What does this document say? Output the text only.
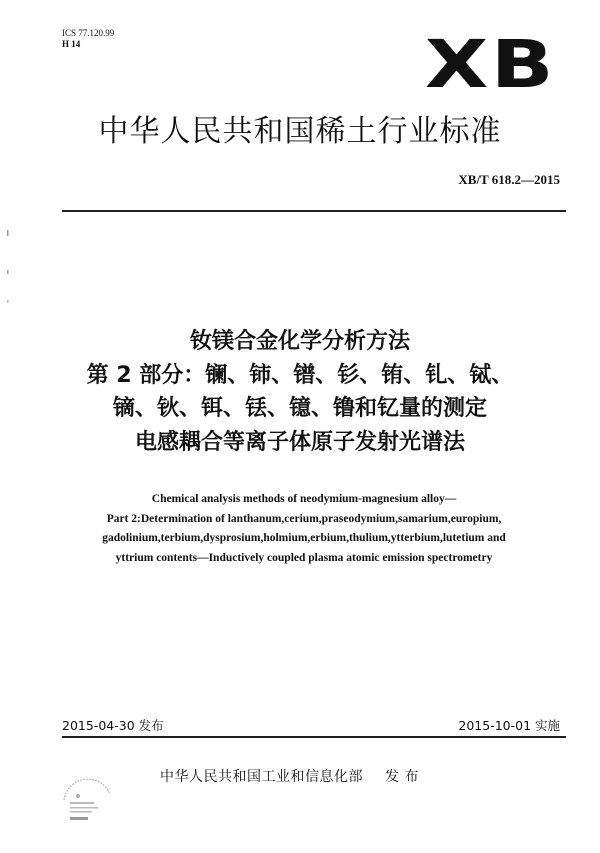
ICS 77.120.99
H 14	XB
中华人民共和国稀土行业标准
XB/T 618.2—2015
钕镁合金化学分析方法
第 2 部分：镧、铈、镨、钐、铕、钆、铽、
镝、钬、铒、铥、镱、镥和钇量的测定
电感耦合等离子体原子发射光谱法
Chemical analysis methods of neodymium-magnesium alloy—
Part 2:Determination of lanthanum,cerium,praseodymium,samarium,europium,
gadolinium,terbium,dysprosium,holmium,erbium,thulium,ytterbium,lutetium and
yttrium contents—Inductively coupled plasma atomic emission spectrometry
2015-04-30 发布	2015-10-01 实施
中华人民共和国工业和信息化部 发 布
